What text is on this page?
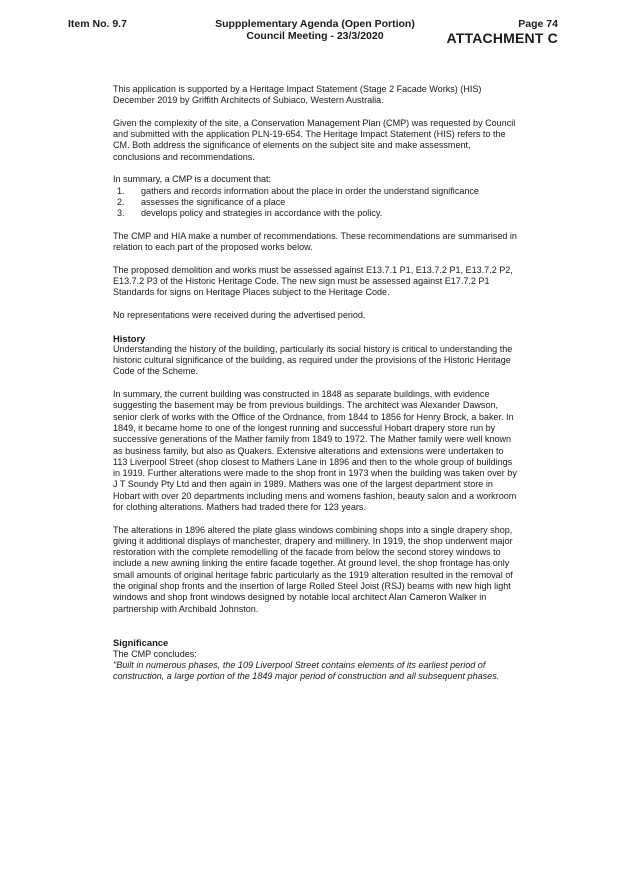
Item No. 9.7	Suppplementary Agenda (Open Portion)
Council Meeting - 23/3/2020
Page 74
ATTACHMENT C

This application is supported by a Heritage Impact Statement (Stage 2 Facade Works) (HIS) December 2019 by Griffith Architects of Subiaco, Western Australia.

Given the complexity of the site, a Conservation Management Plan (CMP) was requested by Council and submitted with the application PLN-19-654. The Heritage Impact Statement (HIS) refers to the CM. Both address the significance of elements on the subject site and make assessment, conclusions and recommendations.

In summary, a CMP is a document that:

1. gathers and records information about the place in order the understand significance
2. assesses the significance of a place
3. develops policy and strategies in accordance with the policy.

The CMP and HIA make a number of recommendations. These recommendations are summarised in relation to each part of the proposed works below.

The proposed demolition and works must be assessed against E13.7.1 P1, E13.7.2 P1, E13.7.2 P2, E13.7.2 P3 of the Historic Heritage Code. The new sign must be assessed against E17.7.2 P1 Standards for signs on Heritage Places subject to the Heritage Code.

No representations were received during the advertised period.

History

Understanding the history of the building, particularly its social history is critical to understanding the historic cultural significance of the building, as required under the provisions of the Historic Heritage Code of the Scheme.

In summary, the current building was constructed in 1848 as separate buildings, with evidence suggesting the basement may be from previous buildings. The architect was Alexander Dawson, senior clerk of works with the Office of the Ordnance, from 1844 to 1856 for Henry Brock, a baker. In 1849, it became home to one of the longest running and successful Hobart drapery store run by successive generations of the Mather family from 1849 to 1972. The Mather family were well known as business family, but also as Quakers. Extensive alterations and extensions were undertaken to 113 Liverpool Street (shop closest to Mathers Lane in 1896 and then to the whole group of buildings in 1919. Further alterations were made to the shop front in 1973 when the building was taken over by J T Soundy Pty Ltd and then again in 1989. Mathers was one of the largest department store in Hobart with over 20 departments including mens and womens fashion, beauty salon and a workroom for clothing alterations. Mathers had traded there for 123 years.

The alterations in 1896 altered the plate glass windows combining shops into a single drapery shop, giving it additional displays of manchester, drapery and millinery. In 1919, the shop underwent major restoration with the complete remodelling of the facade from below the second storey windows to include a new awning linking the entire facade together. At ground level, the shop frontage has only small amounts of original heritage fabric particularly as the 1919 alteration resulted in the removal of the original shop fronts and the insertion of large Rolled Steel Joist (RSJ) beams with new high light windows and shop front windows designed by notable local architect Alan Cameron Walker in partnership with Archibald Johnston.

Significance

The CMP concludes:

"Built in numerous phases, the 109 Liverpool Street contains elements of its earliest period of construction, a large portion of the 1849 major period of construction and all subsequent phases.
